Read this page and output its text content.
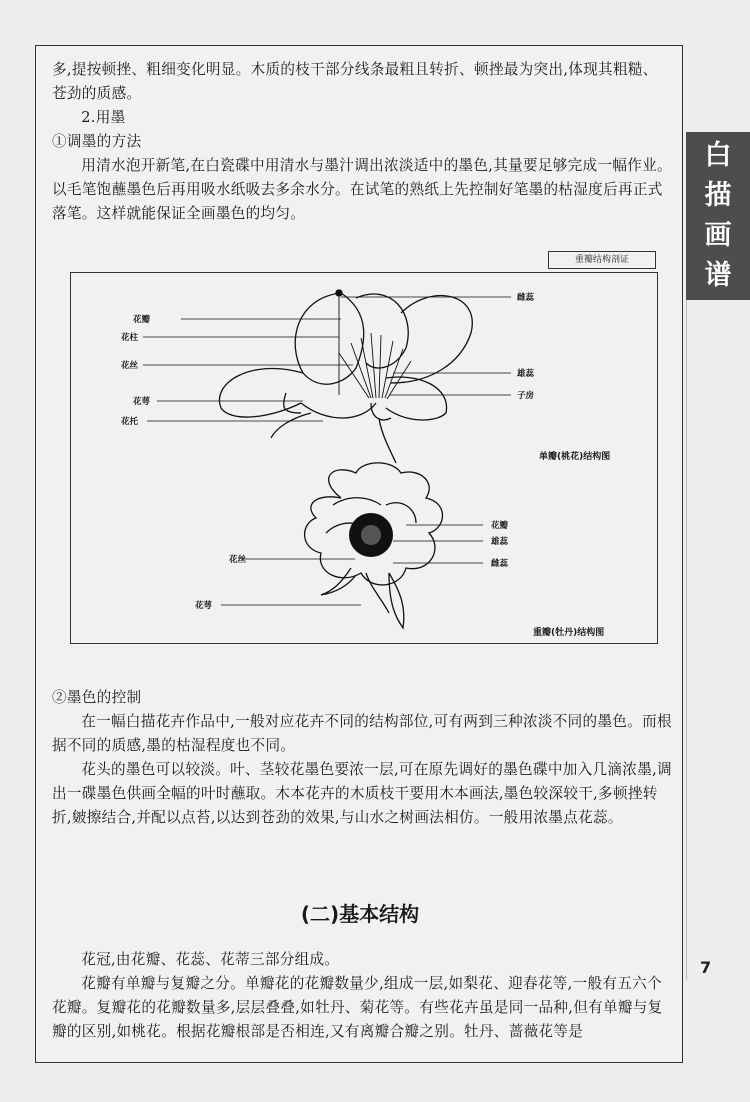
白
描
画
谱
7

多,提按顿挫、粗细变化明显。木质的枝干部分线条最粗且转折、顿挫最为突出,体现其粗糙、苍劲的质感。

2.用墨

①调墨的方法

用清水泡开新笔,在白瓷碟中用清水与墨汁调出浓淡适中的墨色,其量要足够完成一幅作业。以毛笔饱蘸墨色后再用吸水纸吸去多余水分。在试笔的熟纸上先控制好笔墨的枯湿度后再正式落笔。这样就能保证全画墨色的均匀。

重瓣结构剖证
花瓣
花柱
花丝
花萼
花托
雌蕊
雄蕊
子房
单瓣(桃花)结构图
花瓣
雄蕊
雌蕊
花丝
花萼
重瓣(牡丹)结构图

②墨色的控制

在一幅白描花卉作品中,一般对应花卉不同的结构部位,可有两到三种浓淡不同的墨色。而根据不同的质感,墨的枯湿程度也不同。

花头的墨色可以较淡。叶、茎较花墨色要浓一层,可在原先调好的墨色碟中加入几滴浓墨,调出一碟墨色供画全幅的叶时蘸取。木本花卉的木质枝干要用木本画法,墨色较深较干,多顿挫转折,皴擦结合,并配以点苔,以达到苍劲的效果,与山水之树画法相仿。一般用浓墨点花蕊。

(二)基本结构

花冠,由花瓣、花蕊、花蒂三部分组成。

花瓣有单瓣与复瓣之分。单瓣花的花瓣数量少,组成一层,如梨花、迎春花等,一般有五六个花瓣。复瓣花的花瓣数量多,层层叠叠,如牡丹、菊花等。有些花卉虽是同一品种,但有单瓣与复瓣的区别,如桃花。根据花瓣根部是否相连,又有离瓣合瓣之别。牡丹、蔷薇花等是
